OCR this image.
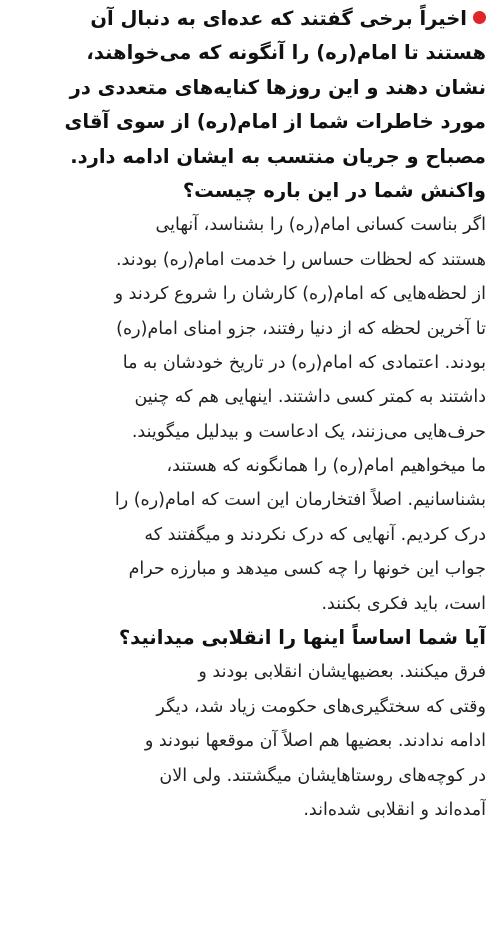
اخیراً برخی گفتند که عده‌ای به دنبال آن
هستند تا امام(ره) را آنگونه که می‌خواهند،
نشان دهند و این روزها کنایه‌های متعددی در
مورد خاطرات شما از امام(ره) از سوی آقای
مصباح و جریان منتسب به ایشان ادامه دارد.
واکنش شما در این باره چیست؟
اگر بناست کسانی امام(ره) را بشناسد، آنهایی
هستند که لحظات حساس را خدمت امام(ره) بودند.
از لحظه‌هایی که امام(ره) کارشان را شروع کردند و
تا آخرین لحظه که از دنیا رفتند، جزو امنای امام(ره)
بودند. اعتمادی که امام(ره) در تاریخ خودشان به ما
داشتند به کمتر کسی داشتند. اینهایی هم که چنین
حرف‌هایی می‌زنند، یک ادعاست و بیدلیل میگویند.
ما میخواهیم امام(ره) را همانگونه که هستند،
بشناسانیم. اصلاً افتخارمان این است که امام(ره) را
درک کردیم. آنهایی که درک نکردند و میگفتند که
جواب این خونها را چه کسی میدهد و مبارزه حرام
است، باید فکری بکنند.
آیا شما اساساً اینها را انقلابی میدانید؟
فرق میکنند. بعضیهایشان انقلابی بودند و
وقتی که سختگیری‌های حکومت زیاد شد، دیگر
ادامه ندادند. بعضیها هم اصلاً آن موقعها نبودند و
در کوچه‌های روستاهایشان میگشتند. ولی الان
آمده‌اند و انقلابی شده‌اند.
